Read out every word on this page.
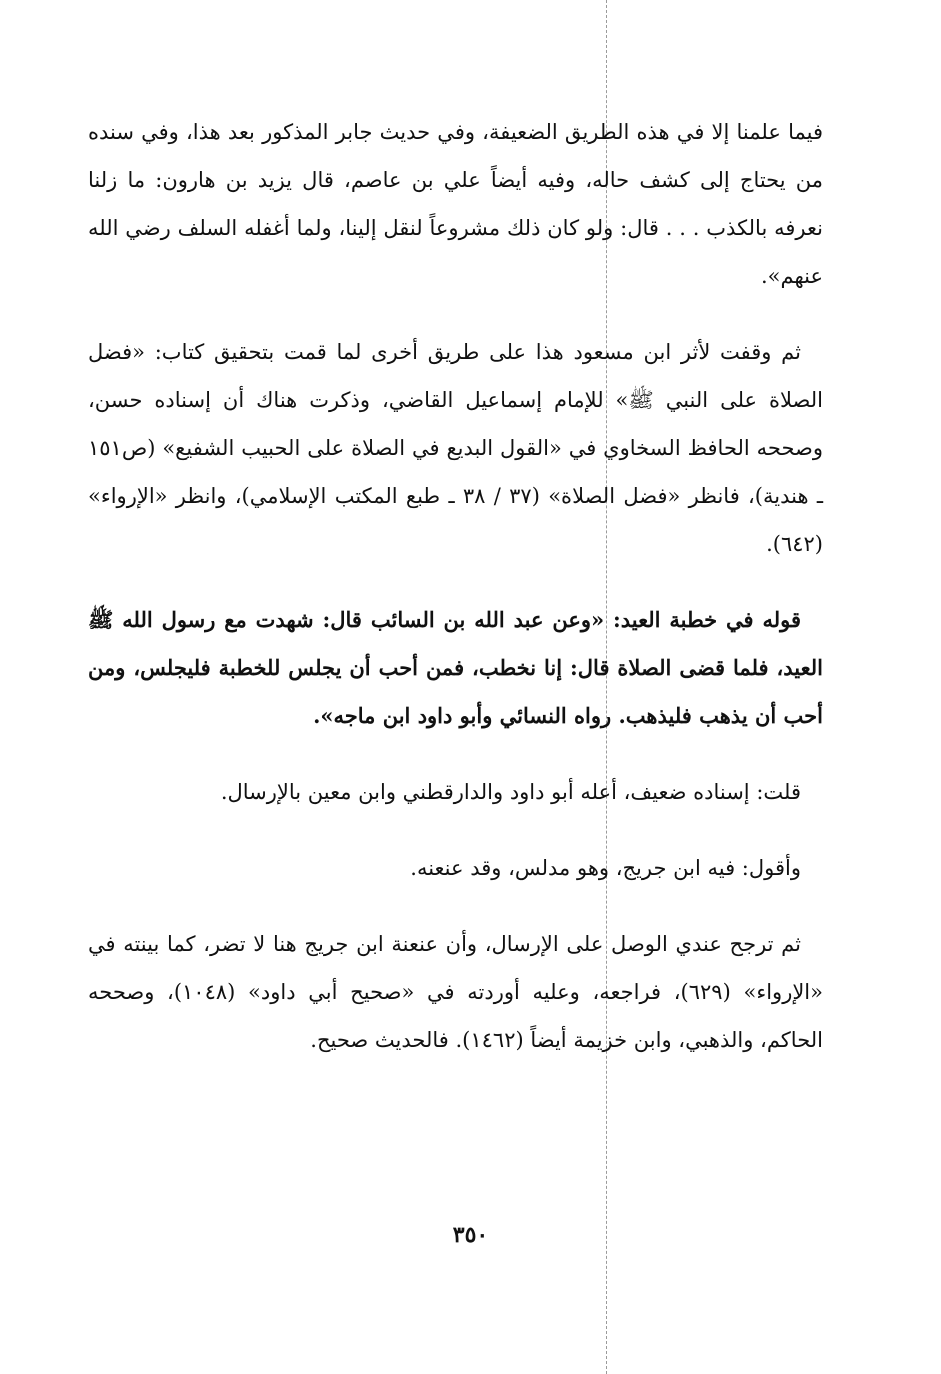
فيما علمنا إلا في هذه الطريق الضعيفة، وفي حديث جابر المذكور بعد هذا، وفي سنده من يحتاج إلى كشف حاله، وفيه أيضاً علي بن عاصم، قال يزيد بن هارون: ما زلنا نعرفه بالكذب . . . قال: ولو كان ذلك مشروعاً لنقل إلينا، ولما أغفله السلف رضي الله عنهم».

ثم وقفت لأثر ابن مسعود هذا على طريق أخرى لما قمت بتحقيق كتاب: «فضل الصلاة على النبي ﷺ» للإمام إسماعيل القاضي، وذكرت هناك أن إسناده حسن، وصححه الحافظ السخاوي في «القول البديع في الصلاة على الحبيب الشفيع» (ص١٥١ ـ هندية)، فانظر «فضل الصلاة» (٣٧ / ٣٨ ـ طبع المكتب الإسلامي)، وانظر «الإرواء» (٦٤٢).

قوله في خطبة العيد: «وعن عبد الله بن السائب قال: شهدت مع رسول الله ﷺ العيد، فلما قضى الصلاة قال: إنا نخطب، فمن أحب أن يجلس للخطبة فليجلس، ومن أحب أن يذهب فليذهب. رواه النسائي وأبو داود ابن ماجه».

قلت: إسناده ضعيف، أعله أبو داود والدارقطني وابن معين بالإرسال.

وأقول: فيه ابن جريج، وهو مدلس، وقد عنعنه.

ثم ترجح عندي الوصل على الإرسال، وأن عنعنة ابن جريج هنا لا تضر، كما بينته في «الإرواء» (٦٢٩)، فراجعه، وعليه أوردته في «صحيح أبي داود» (١٠٤٨)، وصححه الحاكم، والذهبي، وابن خزيمة أيضاً (١٤٦٢). فالحديث صحيح.

٣٥٠
